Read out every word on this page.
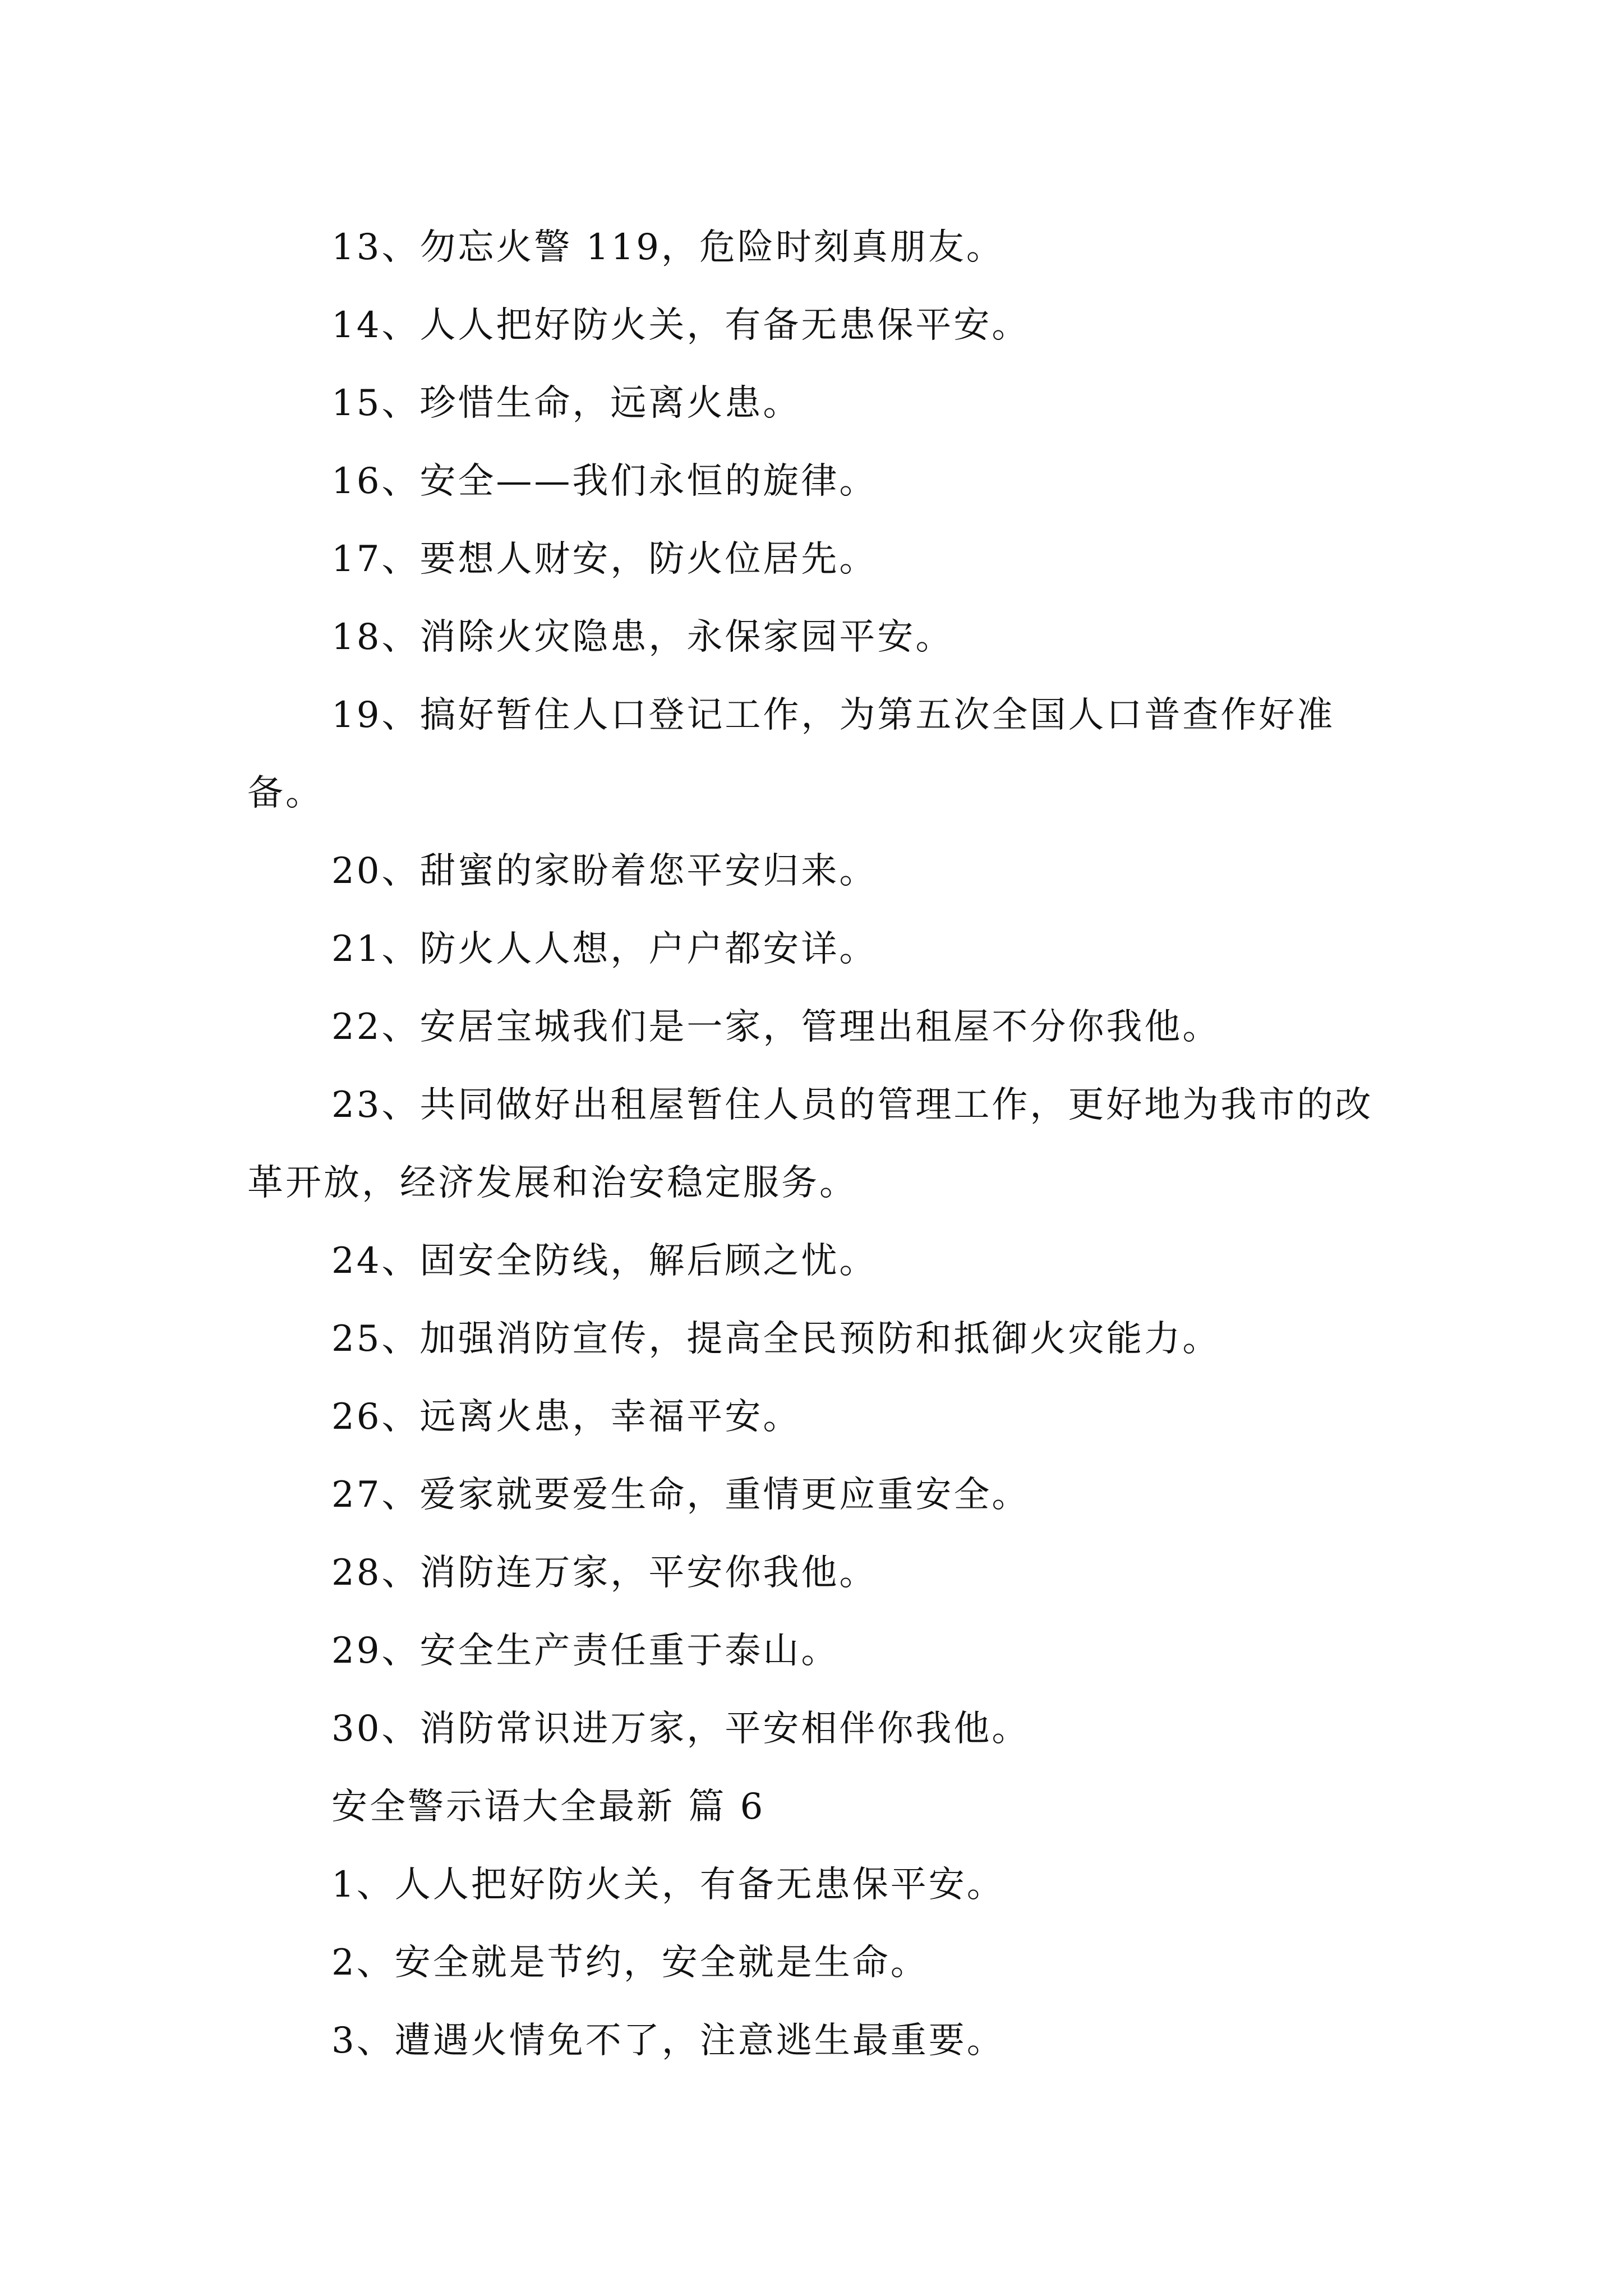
13、勿忘火警 119，危险时刻真朋友。

14、人人把好防火关，有备无患保平安。

15、珍惜生命，远离火患。

16、安全——我们永恒的旋律。

17、要想人财安，防火位居先。

18、消除火灾隐患，永保家园平安。

19、搞好暂住人口登记工作，为第五次全国人口普查作好准备。

20、甜蜜的家盼着您平安归来。

21、防火人人想，户户都安详。

22、安居宝城我们是一家，管理出租屋不分你我他。

23、共同做好出租屋暂住人员的管理工作，更好地为我市的改革开放，经济发展和治安稳定服务。

24、固安全防线，解后顾之忧。

25、加强消防宣传，提高全民预防和抵御火灾能力。

26、远离火患，幸福平安。

27、爱家就要爱生命，重情更应重安全。

28、消防连万家，平安你我他。

29、安全生产责任重于泰山。

30、消防常识进万家，平安相伴你我他。

安全警示语大全最新 篇 6

1、人人把好防火关，有备无患保平安。

2、安全就是节约，安全就是生命。

3、遭遇火情免不了，注意逃生最重要。
